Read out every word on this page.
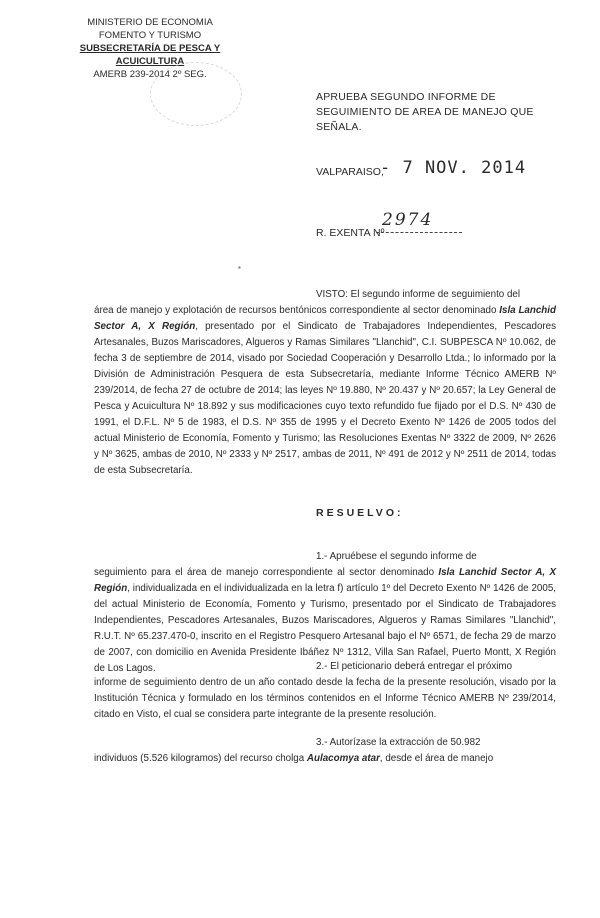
MINISTERIO DE ECONOMIA
FOMENTO Y TURISMO
SUBSECRETARÍA DE PESCA Y ACUICULTURA
AMERB 239-2014 2º SEG.
APRUEBA SEGUNDO INFORME DE SEGUIMIENTO DE AREA DE MANEJO QUE SEÑALA.
VALPARAISO,
- 7 NOV. 2014
R. EXENTA Nº
2974
▪
VISTO: El segundo informe de seguimiento del
área de manejo y explotación de recursos bentónicos correspondiente al sector denominado Isla Lanchid Sector A, X Región, presentado por el Sindicato de Trabajadores Independientes, Pescadores Artesanales, Buzos Mariscadores, Algueros y Ramas Similares "Llanchid", C.I. SUBPESCA Nº 10.062, de fecha 3 de septiembre de 2014, visado por Sociedad Cooperación y Desarrollo Ltda.; lo informado por la División de Administración Pesquera de esta Subsecretaría, mediante Informe Técnico AMERB Nº 239/2014, de fecha 27 de octubre de 2014; las leyes Nº 19.880, Nº 20.437 y Nº 20.657; la Ley General de Pesca y Acuicultura Nº 18.892 y sus modificaciones cuyo texto refundido fue fijado por el D.S. Nº 430 de 1991, el D.F.L. Nº 5 de 1983, el D.S. Nº 355 de 1995 y el Decreto Exento Nº 1426 de 2005 todos del actual Ministerio de Economía, Fomento y Turismo; las Resoluciones Exentas Nº 3322 de 2009, Nº 2626 y Nº 3625, ambas de 2010, Nº 2333 y Nº 2517, ambas de 2011, Nº 491 de 2012 y Nº 2511 de 2014, todas de esta Subsecretaría.
RESUELVO:
1.- Apruébese el segundo informe de
seguimiento para el área de manejo correspondiente al sector denominado Isla Lanchid Sector A, X Región, individualizada en el individualizada en la letra f) artículo 1º del Decreto Exento Nº 1426 de 2005, del actual Ministerio de Economía, Fomento y Turismo, presentado por el Sindicato de Trabajadores Independientes, Pescadores Artesanales, Buzos Mariscadores, Algueros y Ramas Similares "Llanchid", R.U.T. Nº 65.237.470-0, inscrito en el Registro Pesquero Artesanal bajo el Nº 6571, de fecha 29 de marzo de 2007, con domicilio en Avenida Presidente Ibáñez Nº 1312, Villa San Rafael, Puerto Montt, X Región de Los Lagos.	2.- El peticionario deberá entregar el próximo
informe de seguimiento dentro de un año contado desde la fecha de la presente resolución, visado por la Institución Técnica y formulado en los términos contenidos en el Informe Técnico AMERB Nº 239/2014, citado en Visto, el cual se considera parte integrante de la presente resolución.
3.- Autorízase la extracción de 50.982
individuos (5.526 kilogramos) del recurso cholga Aulacomya atar, desde el área de manejo
